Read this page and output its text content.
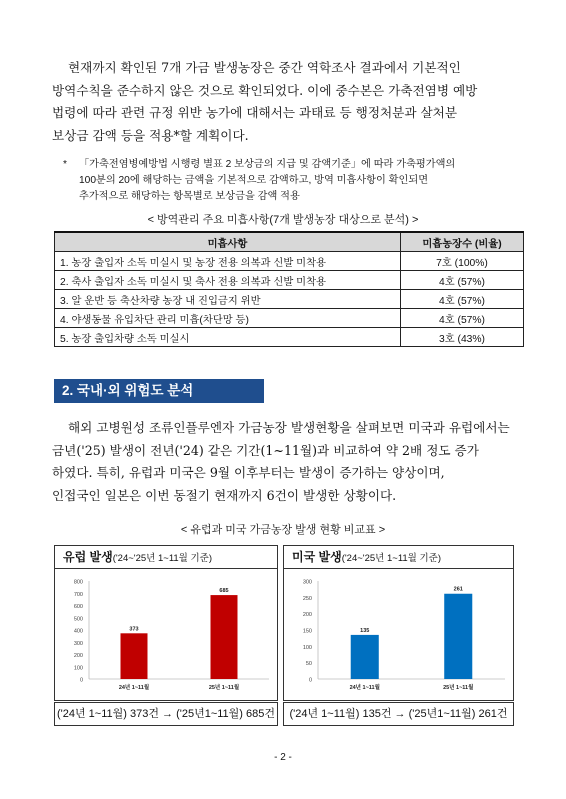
현재까지 확인된 7개 가금 발생농장은 중간 역학조사 결과에서 기본적인

방역수칙을 준수하지 않은 것으로 확인되었다. 이에 중수본은 가축전염병 예방

법령에 따라 관련 규정 위반 농가에 대해서는 과태료 등 행정처분과 살처분

보상금 감액 등을 적용*할 계획이다.

* 「가축전염병예방법 시행령 별표 2 보상금의 지급 및 감액기준」에 따라 가축평가액의
100분의 20에 해당하는 금액을 기본적으로 감액하고, 방역 미흡사항이 확인되면
추가적으로 해당하는 항목별로 보상금을 감액 적용
< 방역관리 주요 미흡사항(7개 발생농장 대상으로 분석) >
미흡사항	미흡농장수 (비율)
1. 농장 출입자 소독 미실시 및 농장 전용 의복과 신발 미착용	7호 (100%)
2. 축사 출입자 소독 미실시 및 축사 전용 의복과 신발 미착용	4호 (57%)
3. 알 운반 등 축산차량 농장 내 진입금지 위반	4호 (57%)
4. 야생동물 유입차단 관리 미흡(차단망 등)	4호 (57%)
5. 농장 출입차량 소독 미실시	3호 (43%)
2. 국내·외 위험도 분석

해외 고병원성 조류인플루엔자 가금농장 발생현황을 살펴보면 미국과 유럽에서는

금년('25) 발생이 전년('24) 같은 기간(1~11월)과 비교하여 약 2배 정도 증가

하였다. 특히, 유럽과 미국은 9월 이후부터는 발생이 증가하는 양상이며,

인접국인 일본은 이번 동절기 현재까지 6건이 발생한 상황이다.

< 유럽과 미국 가금농장 발생 현황 비교표 >
유럽 발생('24~'25년 1~11월 기준)
0
100
200
300
400
500
600
700
800
373
24년 1~11월
685
25년 1~11월
('24년 1~11월) 373건 → ('25년1~11월) 685건
미국 발생('24~'25년 1~11월 기준)
0
50
100
150
200
250
300
135
24년 1~11월
261
25년 1~11월
('24년 1~11월) 135건 → ('25년1~11월) 261건
- 2 -
